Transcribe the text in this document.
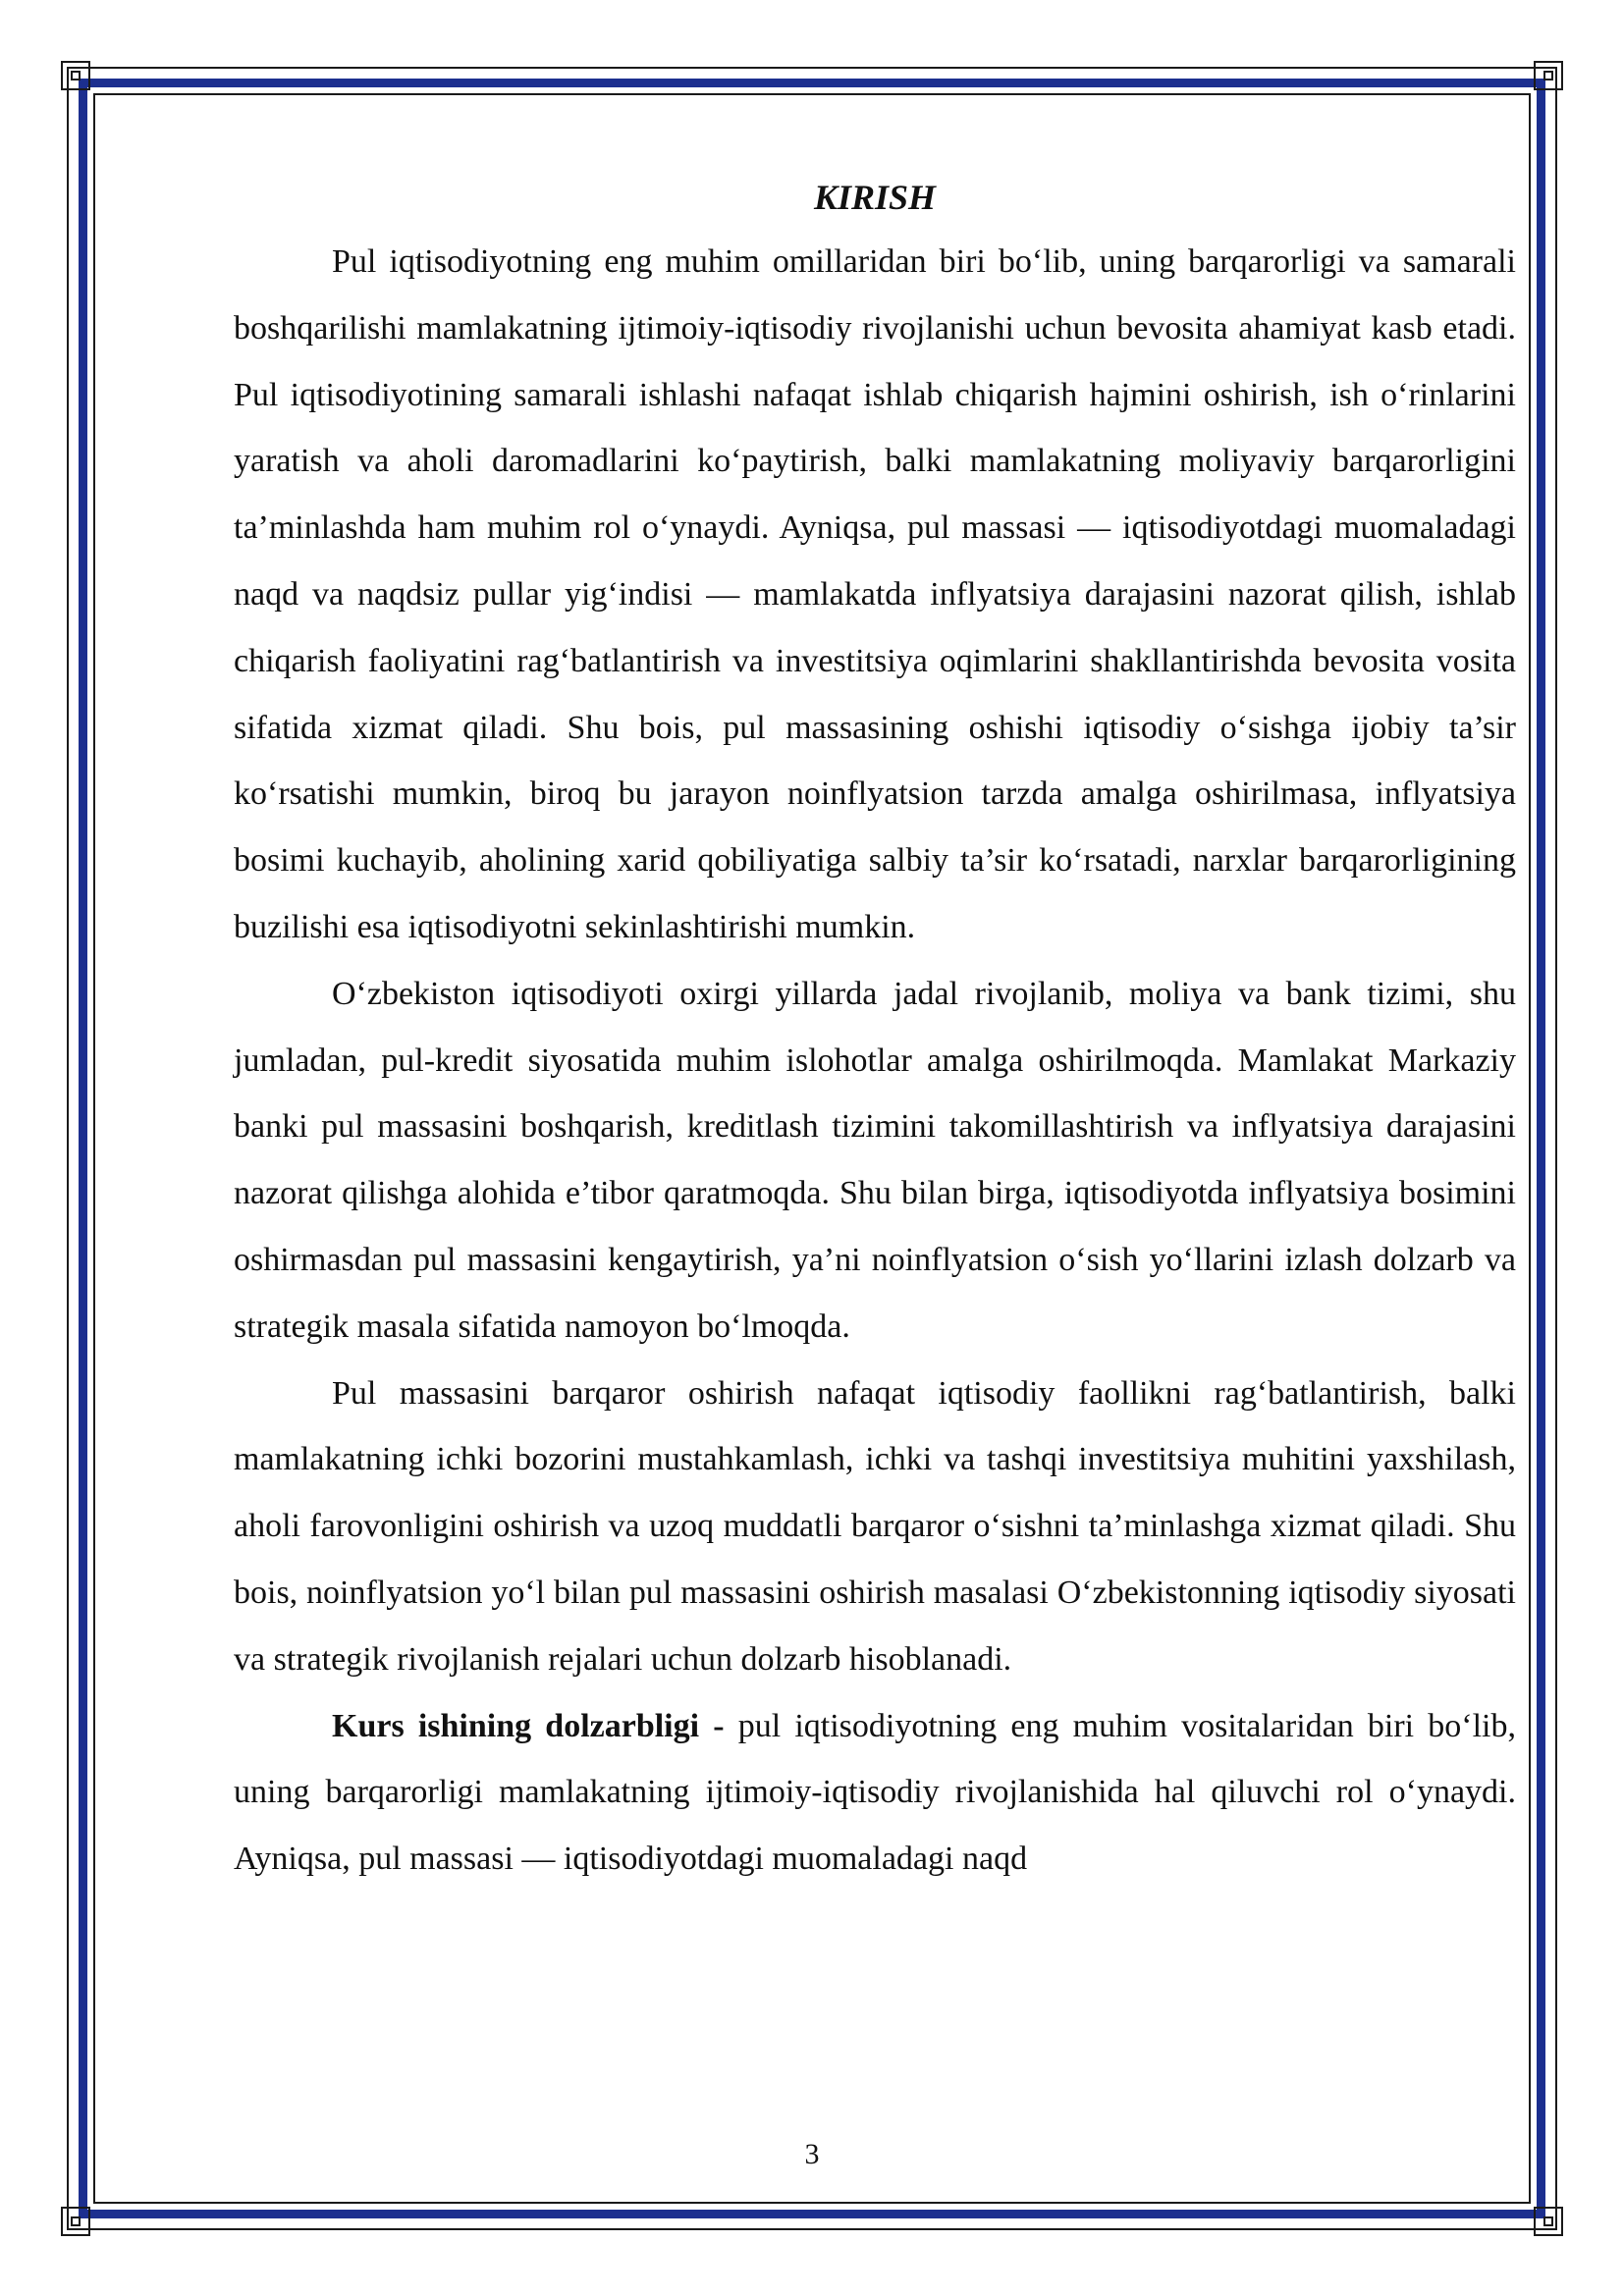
KIRISH

Pul iqtisodiyotning eng muhim omillaridan biri bo‘lib, uning barqarorligi va samarali boshqarilishi mamlakatning ijtimoiy-iqtisodiy rivojlanishi uchun bevosita ahamiyat kasb etadi. Pul iqtisodiyotining samarali ishlashi nafaqat ishlab chiqarish hajmini oshirish, ish o‘rinlarini yaratish va aholi daromadlarini ko‘paytirish, balki mamlakatning moliyaviy barqarorligini ta’minlashda ham muhim rol o‘ynaydi. Ayniqsa, pul massasi — iqtisodiyotdagi muomaladagi naqd va naqdsiz pullar yig‘indisi — mamlakatda inflyatsiya darajasini nazorat qilish, ishlab chiqarish faoliyatini rag‘batlantirish va investitsiya oqimlarini shakllantirishda bevosita vosita sifatida xizmat qiladi. Shu bois, pul massasining oshishi iqtisodiy o‘sishga ijobiy ta’sir ko‘rsatishi mumkin, biroq bu jarayon noinflyatsion tarzda amalga oshirilmasa, inflyatsiya bosimi kuchayib, aholining xarid qobiliyatiga salbiy ta’sir ko‘rsatadi, narxlar barqarorligining buzilishi esa iqtisodiyotni sekinlashtirishi mumkin.

O‘zbekiston iqtisodiyoti oxirgi yillarda jadal rivojlanib, moliya va bank tizimi, shu jumladan, pul-kredit siyosatida muhim islohotlar amalga oshirilmoqda. Mamlakat Markaziy banki pul massasini boshqarish, kreditlash tizimini takomillashtirish va inflyatsiya darajasini nazorat qilishga alohida e’tibor qaratmoqda. Shu bilan birga, iqtisodiyotda inflyatsiya bosimini oshirmasdan pul massasini kengaytirish, ya’ni noinflyatsion o‘sish yo‘llarini izlash dolzarb va strategik masala sifatida namoyon bo‘lmoqda.

Pul massasini barqaror oshirish nafaqat iqtisodiy faollikni rag‘batlantirish, balki mamlakatning ichki bozorini mustahkamlash, ichki va tashqi investitsiya muhitini yaxshilash, aholi farovonligini oshirish va uzoq muddatli barqaror o‘sishni ta’minlashga xizmat qiladi. Shu bois, noinflyatsion yo‘l bilan pul massasini oshirish masalasi O‘zbekistonning iqtisodiy siyosati va strategik rivojlanish rejalari uchun dolzarb hisoblanadi.

Kurs ishining dolzarbligi - pul iqtisodiyotning eng muhim vositalaridan biri bo‘lib, uning barqarorligi mamlakatning ijtimoiy-iqtisodiy rivojlanishida hal qiluvchi rol o‘ynaydi. Ayniqsa, pul massasi — iqtisodiyotdagi muomaladagi naqd

3
